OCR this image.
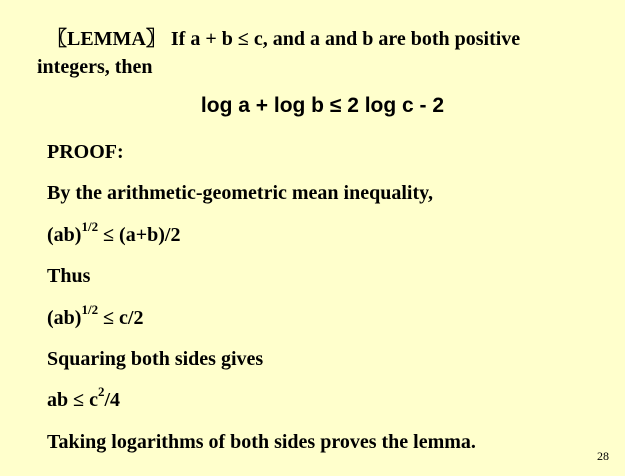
〖LEMMA〗 If a + b ≤ c, and a and b are both positive integers, then
log a + log b ≤ 2 log c - 2
PROOF:
By the arithmetic-geometric mean inequality,
(ab)$^{1/2}$ ≤ (a+b)/2
Thus
(ab)$^{1/2}$ ≤ c/2
Squaring both sides gives
ab ≤ $c^2/4$
Taking logarithms of both sides proves the lemma.
28
